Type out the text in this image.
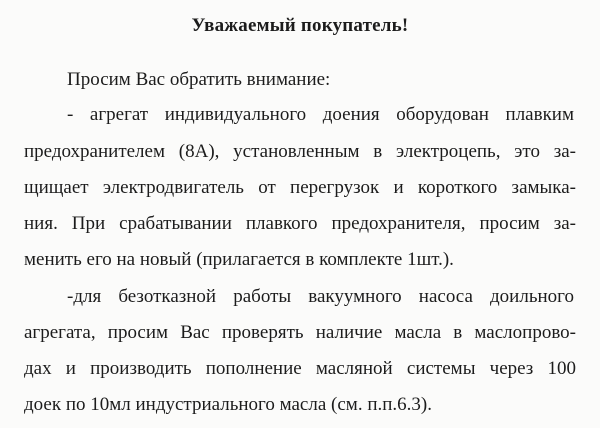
Уважаемый покупатель!
Просим Вас обратить внимание:
- агрегат индивидуального доения оборудован плавким
предохранителем (8А), установленным в электроцепь, это за-
щищает электродвигатель от перегрузок и короткого замыка-
ния. При срабатывании плавкого предохранителя, просим за-
менить его на новый (прилагается в комплекте 1шт.).
-для безотказной работы вакуумного насоса доильного
агрегата, просим Вас проверять наличие масла в маслопрово-
дах и производить пополнение масляной системы через 100
доек по 10мл индустриального масла (см. п.п.6.3).
